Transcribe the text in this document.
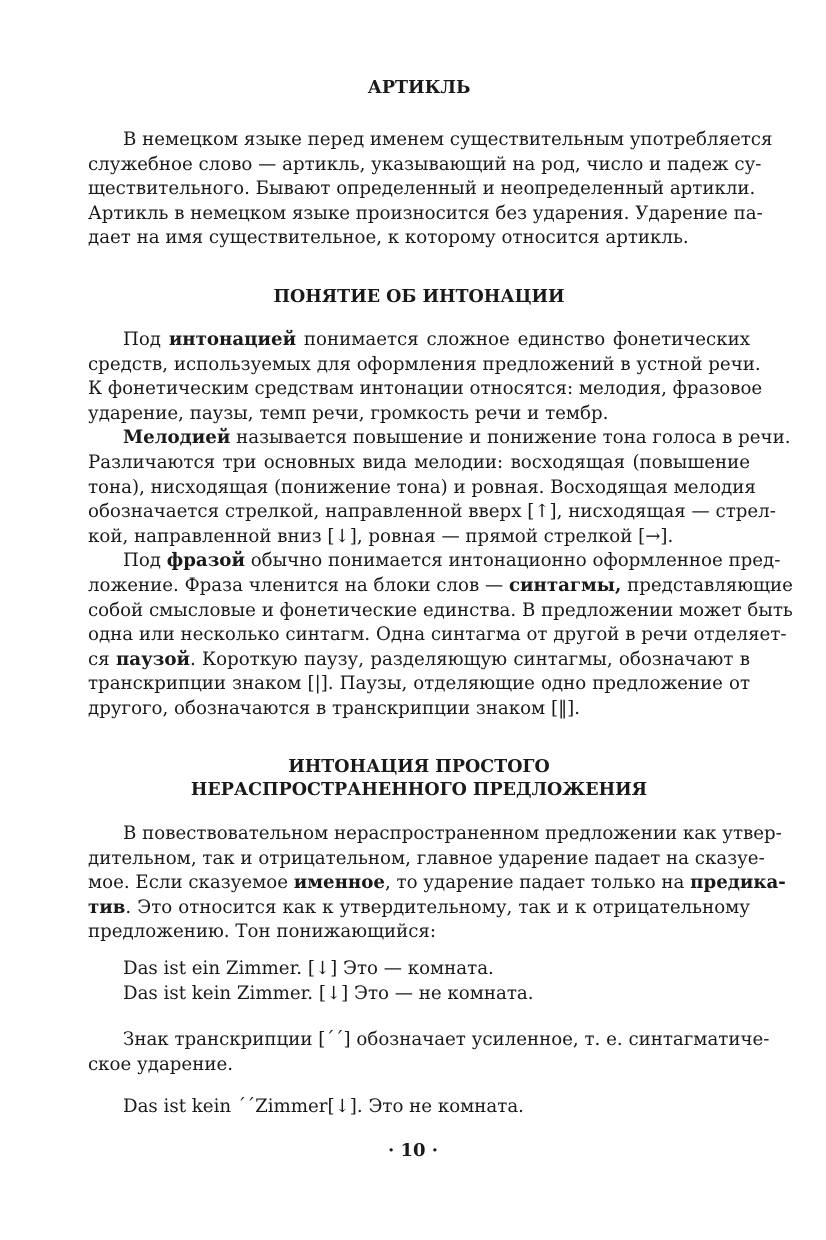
АРТИКЛЬ
В немецком языке перед именем существительным употребляется
служебное слово — артикль, указывающий на род, число и падеж су-
ществительного. Бывают определенный и неопределенный артикли.
Артикль в немецком языке произносится без ударения. Ударение па-
дает на имя существительное, к которому относится артикль.
ПОНЯТИЕ ОБ ИНТОНАЦИИ
Под интонацией понимается сложное единство фонетических
средств, используемых для оформления предложений в устной речи.
К фонетическим средствам интонации относятся: мелодия, фразовое
ударение, паузы, темп речи, громкость речи и тембр.
Мелодией называется повышение и понижение тона голоса в речи.
Различаются три основных вида мелодии: восходящая (повышение
тона), нисходящая (понижение тона) и ровная. Восходящая мелодия
обозначается стрелкой, направленной вверх [↑], нисходящая — стрел-
кой, направленной вниз [↓], ровная — прямой стрелкой [→].
Под фразой обычно понимается интонационно оформленное пред-
ложение. Фраза членится на блоки слов — синтагмы, представляющие
собой смысловые и фонетические единства. В предложении может быть
одна или несколько синтагм. Одна синтагма от другой в речи отделяет-
ся паузой. Короткую паузу, разделяющую синтагмы, обозначают в
транскрипции знаком [|]. Паузы, отделяющие одно предложение от
другого, обозначаются в транскрипции знаком [‖].
ИНТОНАЦИЯ ПРОСТОГО
НЕРАСПРОСТРАНЕННОГО ПРЕДЛОЖЕНИЯ
В повествовательном нераспространенном предложении как утвер-
дительном, так и отрицательном, главное ударение падает на сказуе-
мое. Если сказуемое именное, то ударение падает только на предика-
тив. Это относится как к утвердительному, так и к отрицательному
предложению. Тон понижающийся:
Das ist ein Zimmer. [↓] Это — комната.
Das ist kein Zimmer. [↓] Это — не комната.
Знак транскрипции [´´] обозначает усиленное, т. е. синтагматиче-
ское ударение.
Das ist kein ´´Zimmer[↓]. Это не комната.
· 10 ·
